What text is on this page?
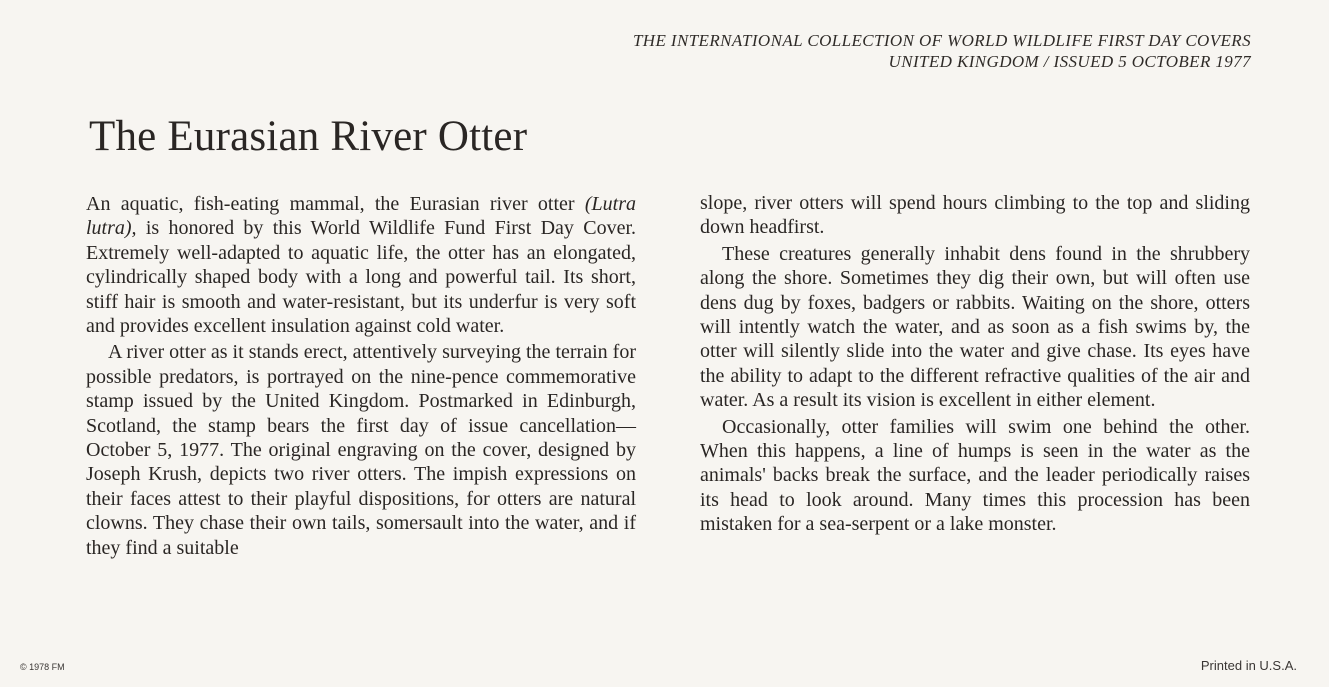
THE INTERNATIONAL COLLECTION OF WORLD WILDLIFE FIRST DAY COVERS
UNITED KINGDOM / ISSUED 5 OCTOBER 1977
The Eurasian River Otter

An aquatic, fish-eating mammal, the Eurasian river otter (Lutra lutra), is honored by this World Wildlife Fund First Day Cover. Extremely well-adapted to aquatic life, the otter has an elongated, cylindrically shaped body with a long and powerful tail. Its short, stiff hair is smooth and water-resistant, but its underfur is very soft and provides excellent insulation against cold water.

A river otter as it stands erect, attentively surveying the terrain for possible predators, is portrayed on the nine-pence commemorative stamp issued by the United Kingdom. Postmarked in Edinburgh, Scotland, the stamp bears the first day of issue cancellation—October 5, 1977. The original engraving on the cover, designed by Joseph Krush, depicts two river otters. The impish expressions on their faces attest to their playful dispositions, for otters are natural clowns. They chase their own tails, somersault into the water, and if they find a suitable

slope, river otters will spend hours climbing to the top and sliding down headfirst.

These creatures generally inhabit dens found in the shrubbery along the shore. Sometimes they dig their own, but will often use dens dug by foxes, badgers or rabbits. Waiting on the shore, otters will intently watch the water, and as soon as a fish swims by, the otter will silently slide into the water and give chase. Its eyes have the ability to adapt to the different refractive qualities of the air and water. As a result its vision is excellent in either element.

Occasionally, otter families will swim one behind the other. When this happens, a line of humps is seen in the water as the animals' backs break the surface, and the leader periodically raises its head to look around. Many times this procession has been mistaken for a sea-serpent or a lake monster.

© 1978 FM	Printed in U.S.A.
